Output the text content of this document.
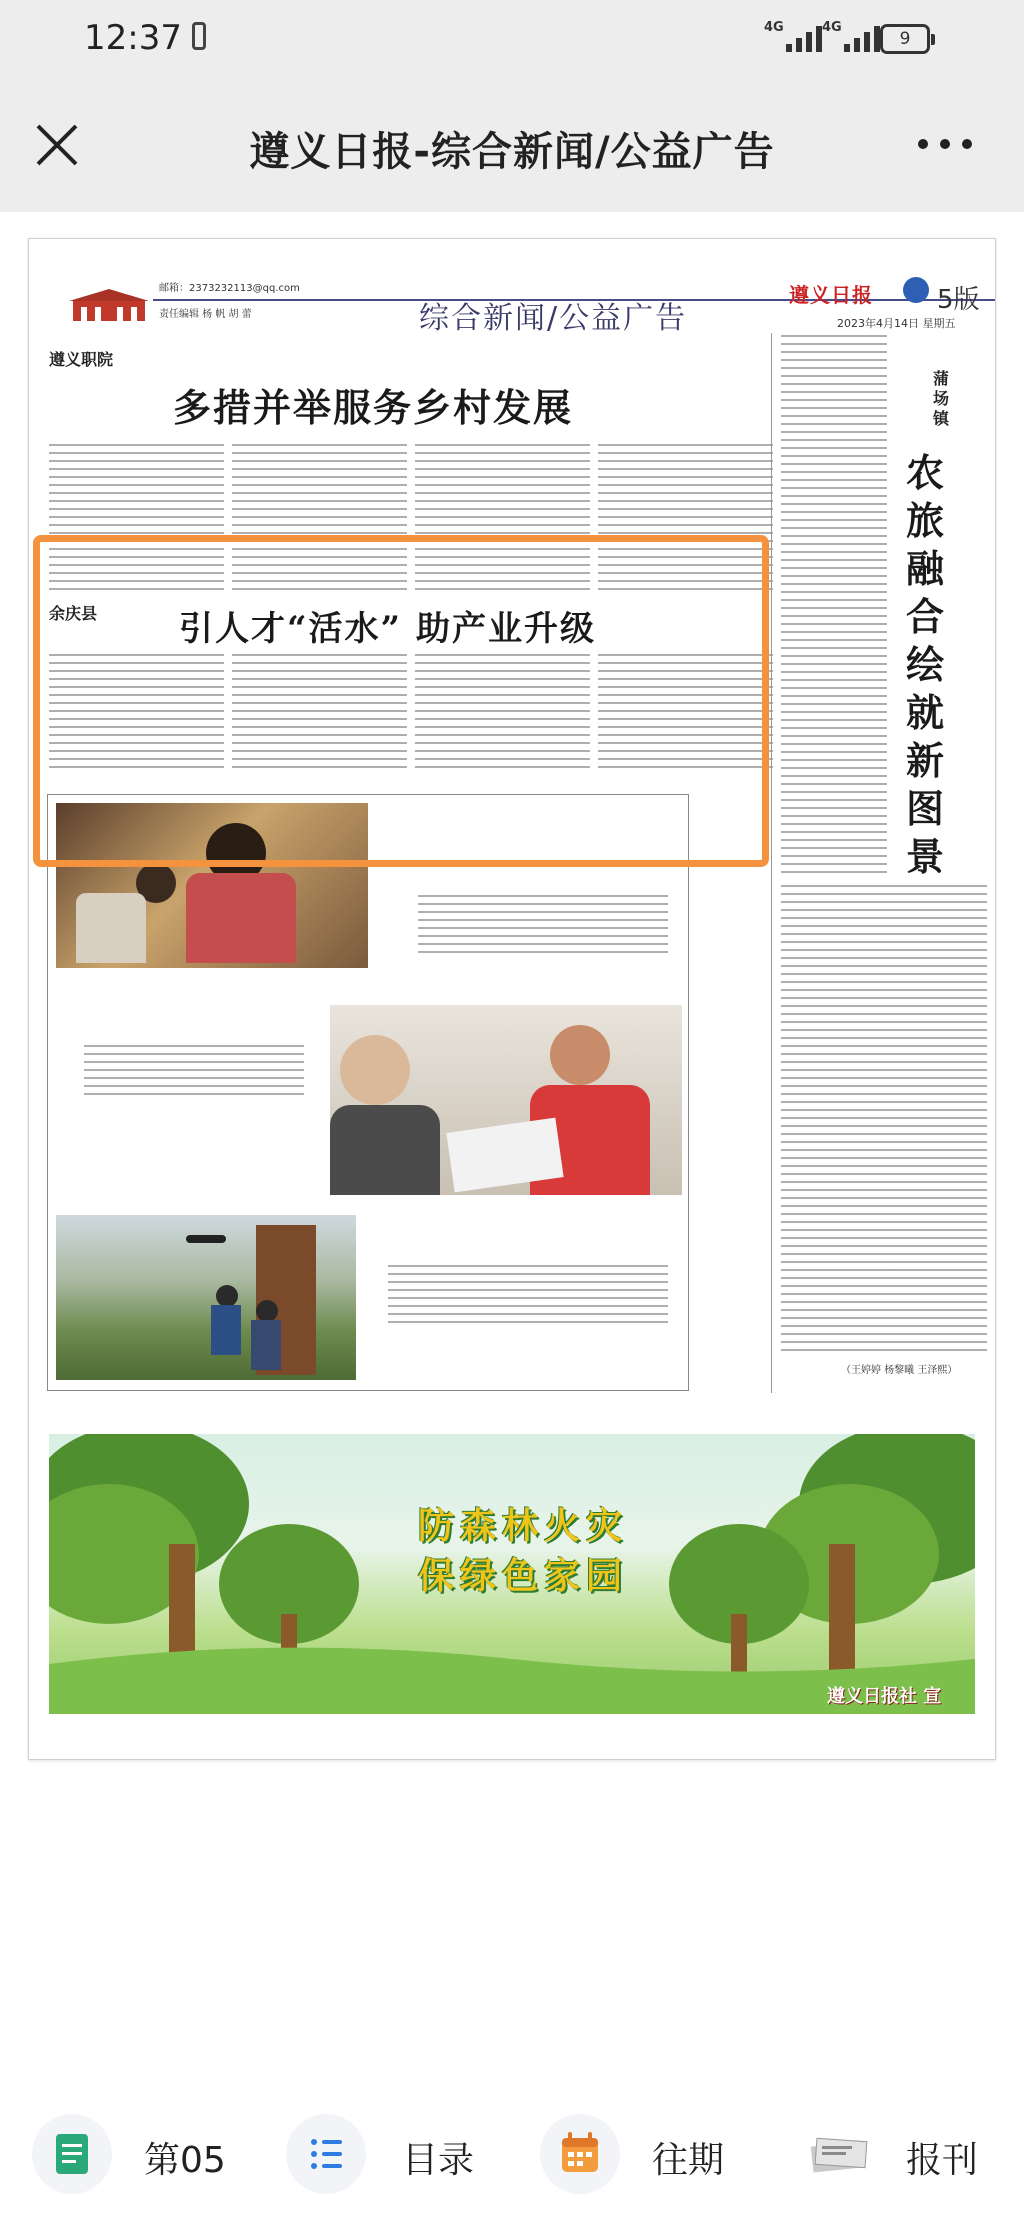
12:37	4G	4G
9
遵义日报-综合新闻/公益广告
邮箱：2373232113@qq.com
责任编辑 杨 帆 胡 蕾	综合新闻/公益广告
遵义日报 5版
2023年4月14日 星期五
遵义职院
多措并举服务乡村发展
余庆县 引人才“活水” 助产业升级
蒲场镇
农旅融合绘就新图景
（王婷婷 杨黎曦 王泽熙）
防森林火灾
保绿色家园
遵义日报社 宣
第05	目录	往期	报刊
